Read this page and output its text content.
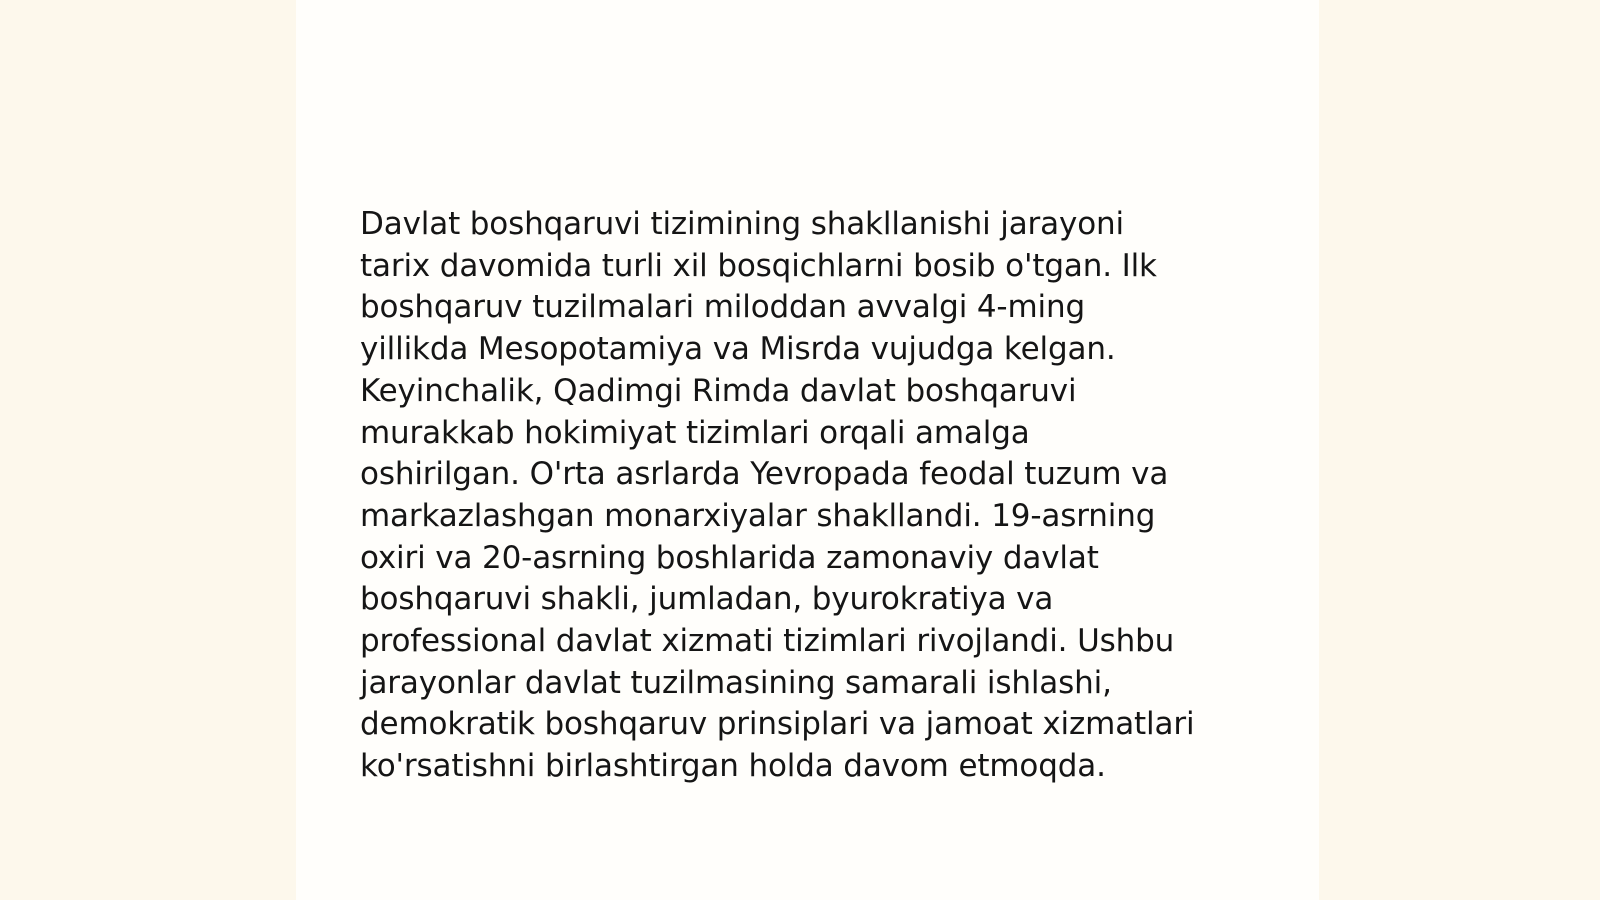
Davlat boshqaruvi tizimining shakllanishi jarayoni
tarix davomida turli xil bosqichlarni bosib o'tgan. Ilk
boshqaruv tuzilmalari miloddan avvalgi 4-ming
yillikda Mesopotamiya va Misrda vujudga kelgan.
Keyinchalik, Qadimgi Rimda davlat boshqaruvi
murakkab hokimiyat tizimlari orqali amalga
oshirilgan. O'rta asrlarda Yevropada feodal tuzum va
markazlashgan monarxiyalar shakllandi. 19-asrning
oxiri va 20-asrning boshlarida zamonaviy davlat
boshqaruvi shakli, jumladan, byurokratiya va
professional davlat xizmati tizimlari rivojlandi. Ushbu
jarayonlar davlat tuzilmasining samarali ishlashi,
demokratik boshqaruv prinsiplari va jamoat xizmatlari
ko'rsatishni birlashtirgan holda davom etmoqda.
